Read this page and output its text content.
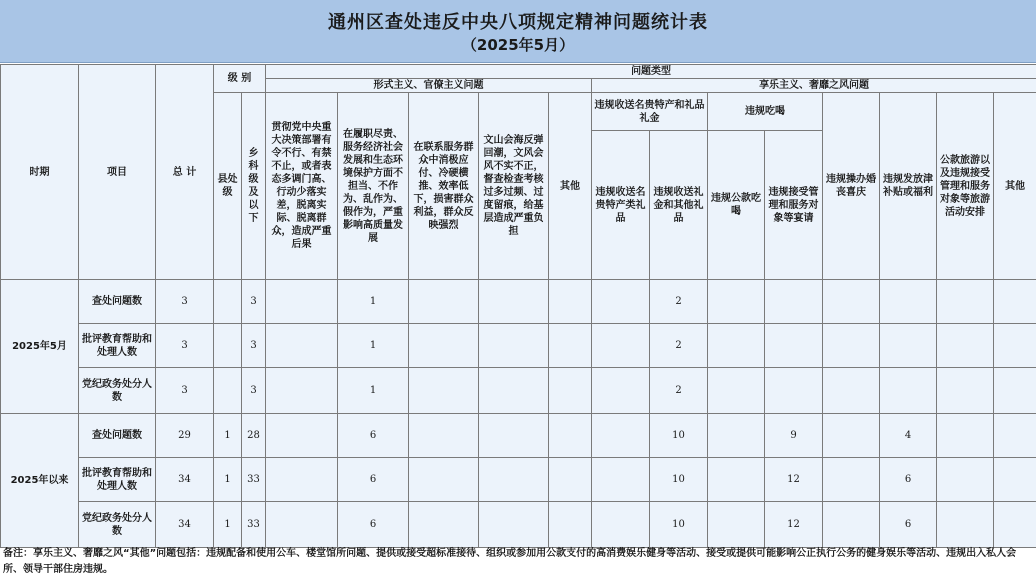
通州区查处违反中央八项规定精神问题统计表
（2025年5月）
时期	项目	总 计	级 别		问题类型												
					形式主义、官僚主义问题					享乐主义、奢靡之风问题							
			县处级	乡科级及以下	贯彻党中央重大决策部署有令不行、有禁不止，或者表态多调门高、行动少落实差，脱离实际、脱离群众，造成严重后果	在履职尽责、服务经济社会发展和生态环境保护方面不担当、不作为、乱作为、假作为，严重影响高质量发展	在联系服务群众中消极应付、冷硬横推、效率低下，损害群众利益，群众反映强烈	文山会海反弹回潮，文风会风不实不正，督查检查考核过多过频、过度留痕，给基层造成严重负担	其他	违规收送名贵特产和礼品礼金		违规吃喝		违规操办婚丧喜庆	违规发放津补贴或福利	公款旅游以及违规接受管理和服务对象等旅游活动安排	其他
										违规收送名贵特产类礼品	违规收送礼金和其他礼品	违规公款吃喝	违规接受管理和服务对象等宴请				
2025年5月	查处问题数	3		3		1					2						
	批评教育帮助和处理人数	3		3		1					2						
	党纪政务处分人数	3		3		1					2						
2025年以来	查处问题数	29	1	28		6					10		9		4		
	批评教育帮助和处理人数	34	1	33		6					10		12		6		
	党纪政务处分人数	34	1	33		6					10		12		6		
备注：享乐主义、奢靡之风“其他”问题包括：违规配备和使用公车、楼堂馆所问题、提供或接受超标准接待、组织或参加用公款支付的高消费娱乐健身等活动、接受或提供可能影响公正执行公务的健身娱乐等活动、违规出入私人会所、领导干部住房违规。
